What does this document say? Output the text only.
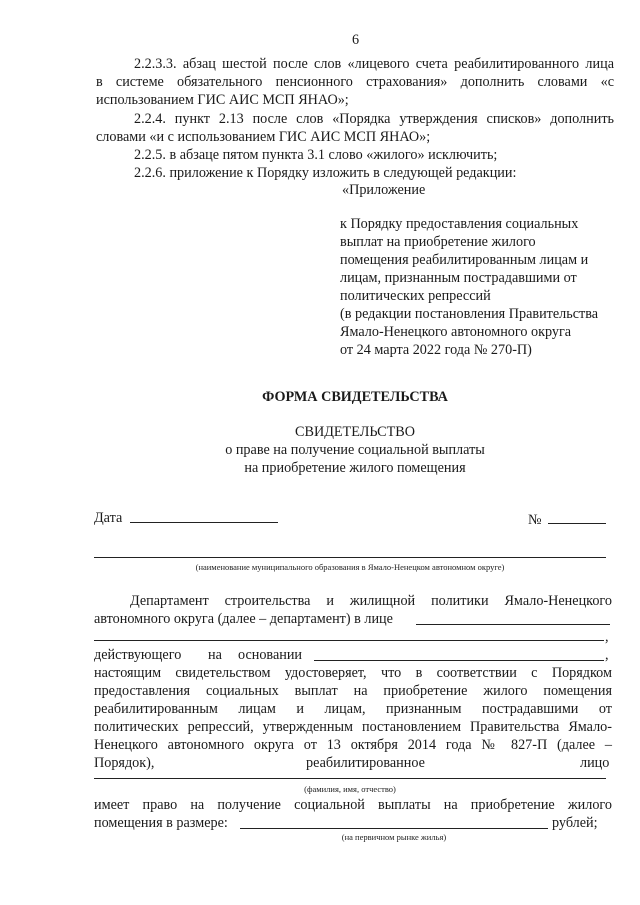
6
2.2.3.3. абзац шестой после слов «лицевого счета реабилитированного лица
в системе обязательного пенсионного страхования» дополнить словами «с
использованием ГИС АИС МСП ЯНАО»;
2.2.4. пункт 2.13 после слов «Порядка утверждения списков» дополнить
словами «и с использованием ГИС АИС МСП ЯНАО»;
2.2.5. в абзаце пятом пункта 3.1 слово «жилого» исключить;
2.2.6. приложение к Порядку изложить в следующей редакции:
«Приложение
к Порядку предоставления социальных
выплат на приобретение жилого
помещения реабилитированным лицам и
лицам, признанным пострадавшими от
политических репрессий
(в редакции постановления Правительства
Ямало-Ненецкого автономного округа
от 24 марта 2022 года № 270-П)
ФОРМА СВИДЕТЕЛЬСТВА
СВИДЕТЕЛЬСТВО
о праве на получение социальной выплаты
на приобретение жилого помещения
Дата	№
(наименование муниципального образования в Ямало-Ненецком автономном округе)
Департамент строительства и жилищной политики Ямало-Ненецкого
автономного округа (далее – департамент) в лице
,
действующего на основании	,
настоящим свидетельством удостоверяет, что в соответствии с Порядком
предоставления социальных выплат на приобретение жилого помещения
реабилитированным лицам и лицам, признанным пострадавшими от
политических репрессий, утвержденным постановлением Правительства Ямало-
Ненецкого автономного округа от 13 октября 2014 года № 827-П (далее –
Порядок),	реабилитированное	лицо
(фамилия, имя, отчество)
имеет право на получение социальной выплаты на приобретение жилого
помещения в размере:	рублей;
(на первичном рынке жилья)
